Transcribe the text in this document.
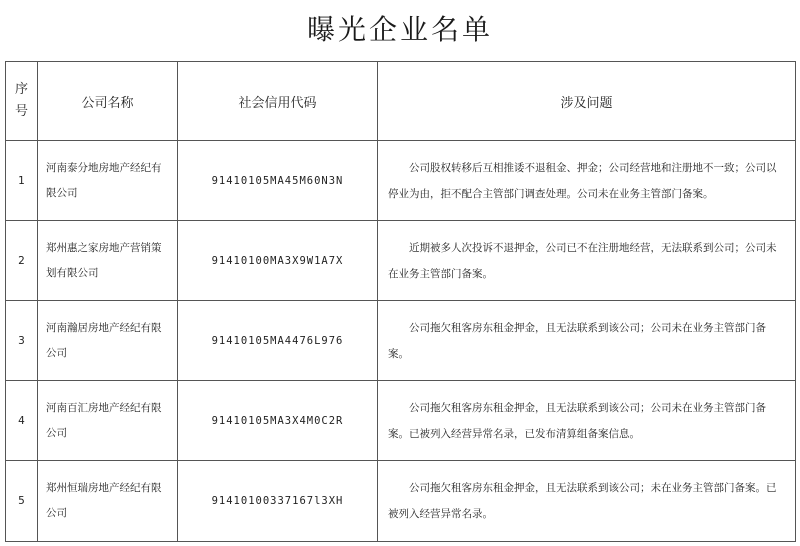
曝光企业名单
序
号	公司名称	社会信用代码	涉及问题
1	河南泰分地房地产经纪有限公司	91410105MA45M60N3N	公司股权转移后互相推诿不退租金、押金；公司经营地和注册地不一致；公司以停业为由，拒不配合主管部门调查处理。公司未在业务主管部门备案。
2	郑州惠之家房地产营销策划有限公司	91410100MA3X9W1A7X	近期被多人次投诉不退押金，公司已不在注册地经营，无法联系到公司；公司未在业务主管部门备案。
3	河南瀚居房地产经纪有限公司	91410105MA4476L976	公司拖欠租客房东租金押金，且无法联系到该公司；公司未在业务主管部门备案。
4	河南百汇房地产经纪有限公司	91410105MA3X4M0C2R	公司拖欠租客房东租金押金，且无法联系到该公司；公司未在业务主管部门备案。已被列入经营异常名录，已发布清算组备案信息。
5	郑州恒瑞房地产经纪有限公司	91410100337167l3XH	公司拖欠租客房东租金押金，且无法联系到该公司；未在业务主管部门备案。已被列入经营异常名录。
